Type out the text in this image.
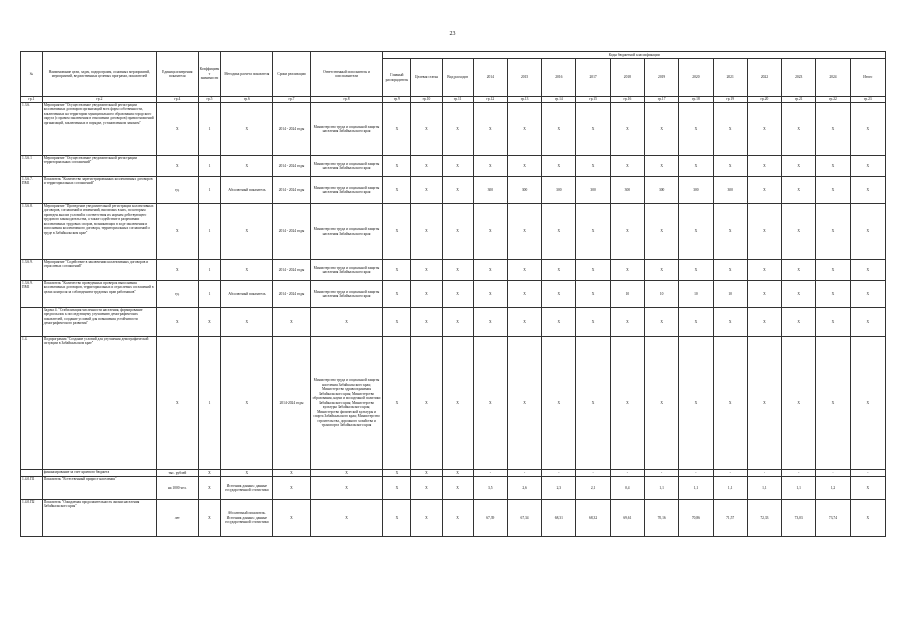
23
№	Наименование цели, задач, подпрограмм, основных мероприятий, мероприятий, ведомственных целевых программ, показателей	Единица измерения показателя	Коэффициент значимости	Методика расчета показателя	Сроки реализации	Ответственный исполнитель и соисполнители	Коды бюджетной классификации														
							Главный распорядитель	Целевая статья	Вид расходов	2014	2015	2016	2017	2018	2019	2020	2021	2022	2023	2024	Итого
гр.1	гр.2	гр.4	гр.5	гр.6	гр.7	гр.8	гр.9	гр.10	гр.11	гр.12	гр.13	гр.14	гр.15	гр.16	гр.17	гр.18	гр.19	гр.20	гр.21	гр.22	гр.23
1.3.6.	Мероприятие "Осуществление уведомительной регистрации коллективных договоров организаций всех форм собственности, заключенных на территории муниципального образования городского округа (с правом заключения в отношении договоров) правоотношений организаций, заключенных в порядке, установленном законом"	Х	1	Х	2014 - 2024 годы	Министерство труда и социальной защиты населения Забайкальского края	Х	Х	Х	Х	Х	Х	Х	Х	Х	Х	Х	Х	Х	Х	Х
1.3.6.1	Мероприятие "Осуществление уведомительной регистрации территориальных соглашений"	Х	1	Х	2014 - 2024 годы	Министерство труда и социальной защиты населения Забайкальского края	Х	Х	Х	Х	Х	Х	Х	Х	Х	Х	Х	Х	Х	Х	Х
1.3.6.7. ПМ1	Показатель "Количество зарегистрированных коллективных договоров и территориальных соглашений"	ед.	1	Абсолютный показатель	2014 - 2024 годы	Министерство труда и социальной защиты населения Забайкальского края	Х	Х	Х	300	300	300	300	300	300	300	300	Х	Х	Х	Х
1.3.6.8.	Мероприятие "Проведение уведомительной регистрации коллективных договоров, соглашений и изменений, вносимых в них, по которым проведен анализ условий и соответствия их нормам действующего трудового законодательства, а также содействие в разрешении коллективных трудовых споров, возникающих в ходе заключения и исполнения коллективного договора, территориальных соглашений о труде в Забайкальском крае"	Х	1	Х	2014 - 2024 годы	Министерство труда и социальной защиты населения Забайкальского края	Х	Х	Х	Х	Х	Х	Х	Х	Х	Х	Х	Х	Х	Х	Х
1.3.6.9.	Мероприятие "Содействие в заключении коллективных договоров и отраслевых соглашений"	Х	1	Х	2014 - 2024 годы	Министерство труда и социальной защиты населения Забайкальского края	Х	Х	Х	Х	Х	Х	Х	Х	Х	Х	Х	Х	Х	Х	Х
1.3.6.9. ПМ1	Показатель "Количество проведенных проверок выполнения коллективных договоров, территориальных и отраслевых соглашений в целях контроля за соблюдением трудовых прав работников"	ед.	1	Абсолютный показатель	2014 - 2024 годы	Министерство труда и социальной защиты населения Забайкальского края	Х	Х	Х	Х	Х	Х	Х	10	10	10	10	Х	Х	Х	Х
	Задача 4. "Стабилизация численности населения, формирование предпосылок к последующему улучшению демографических показателей, создание условий для повышения устойчивости демографического развития"	Х	Х	Х	Х	Х	Х	Х	Х	Х	Х	Х	Х	Х	Х	Х	Х	Х	Х	Х	Х
1.4.	Подпрограмма "Создание условий для улучшения демографической ситуации в Забайкальском крае"	Х	1	Х	2014-2024 годы	Министерство труда и социальной защиты населения Забайкальского края; Министерство здравоохранения Забайкальского края; Министерство образования, науки и молодежной политики Забайкальского края; Министерство культуры Забайкальского края; Министерство физической культуры и спорта Забайкальского края; Министерство строительства, дорожного хозяйства и транспорта Забайкальского края	Х	Х	Х	Х	Х	Х	Х	Х	Х	Х	Х	Х	Х	Х	Х
	финансирование за счет краевого бюджета	тыс. рублей	Х	Х	Х	Х	Х	Х	Х	-	-	-	-	-	-	-	-	-	-	-	-
1.4.0.П1	Показатель "Естественный прирост населения"	на 1000 чел.	Х	Источник данных: данные государственной статистики	Х	Х	Х	Х	Х	3,5	2,6	2,3	2,1	0,4	1,1	1,1	1,1	1,1	1,1	1,2	Х
1.4.0.П2	Показатель "Ожидаемая продолжительность жизни населения Забайкальского края"	лет	Х	Абсолютный показатель. Источник данных: данные государственной статистики	Х	Х	Х	Х	Х	67,39	67,34	68,31	68,32	69,61	70,16	70,86	71,57	72,33	73,03	73,74	Х
